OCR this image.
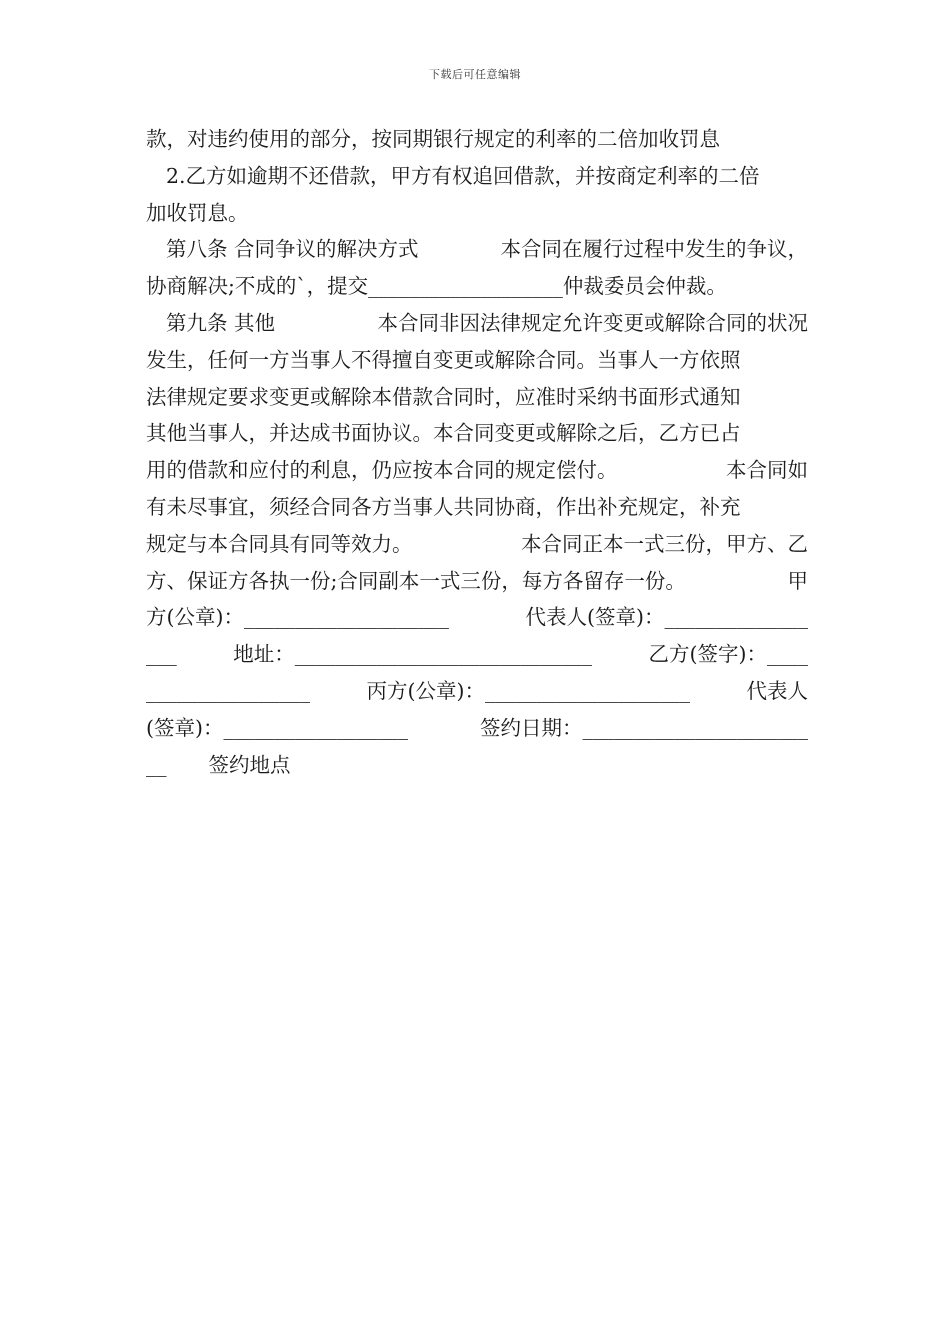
下载后可任意编辑
款，对违约使用的部分，按同期银行规定的利率的二倍加收罚息
2.乙方如逾期不还借款，甲方有权追回借款，并按商定利率的二倍
加收罚息。
第八条 合同争议的解决方式	本合同在履行过程中发生的争议，
协商解决;不成的`，提交___________________仲裁委员会仲裁。
第九条 其他	本合同非因法律规定允许变更或解除合同的状况
发生，任何一方当事人不得擅自变更或解除合同。当事人一方依照
法律规定要求变更或解除本借款合同时，应准时采纳书面形式通知
其他当事人，并达成书面协议。本合同变更或解除之后，乙方已占
用的借款和应付的利息，仍应按本合同的规定偿付。	本合同如
有未尽事宜，须经合同各方当事人共同协商，作出补充规定，补充
规定与本合同具有同等效力。	本合同正本一式三份，甲方、乙
方、保证方各执一份;合同副本一式三份，每方各留存一份。	甲
方(公章)：____________________	代表人(签章)：______________
___	地址：_____________________________	乙方(签字)：____
________________	丙方(公章)：____________________	代表人
(签章)：__________________	签约日期：______________________
__ 签约地点
